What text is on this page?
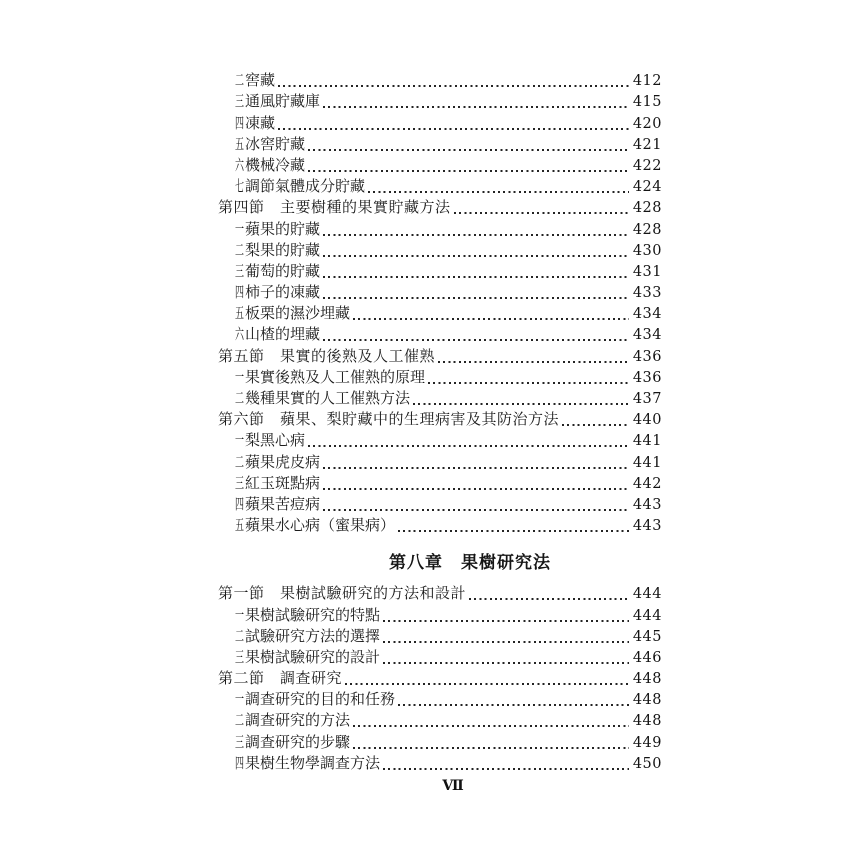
二 窖藏	412
三 通風貯藏庫	415
四 凍藏	420
五 冰窖貯藏	421
六 機械冷藏	422
七 調節氣體成分貯藏	424
第四節　主要樹種的果實貯藏方法	428
一 蘋果的貯藏	428
二 梨果的貯藏	430
三 葡萄的貯藏	431
四 柿子的凍藏	433
五 板栗的濕沙埋藏	434
六 山楂的埋藏	434
第五節　果實的後熟及人工催熟	436
一 果實後熟及人工催熟的原理	436
二 幾種果實的人工催熟方法	437
第六節　蘋果、梨貯藏中的生理病害及其防治方法	440
一 梨黑心病	441
二 蘋果虎皮病	441
三 紅玉斑點病	442
四 蘋果苦痘病	443
五 蘋果水心病（蜜果病）	443
第八章　果樹研究法
第一節　果樹試驗研究的方法和設計	444
一 果樹試驗研究的特點	444
二 試驗研究方法的選擇	445
三 果樹試驗研究的設計	446
第二節　調查研究	448
一 調查研究的目的和任務	448
二 調查研究的方法	448
三 調查研究的步驟	449
四 果樹生物學調查方法	450
Ⅶ
